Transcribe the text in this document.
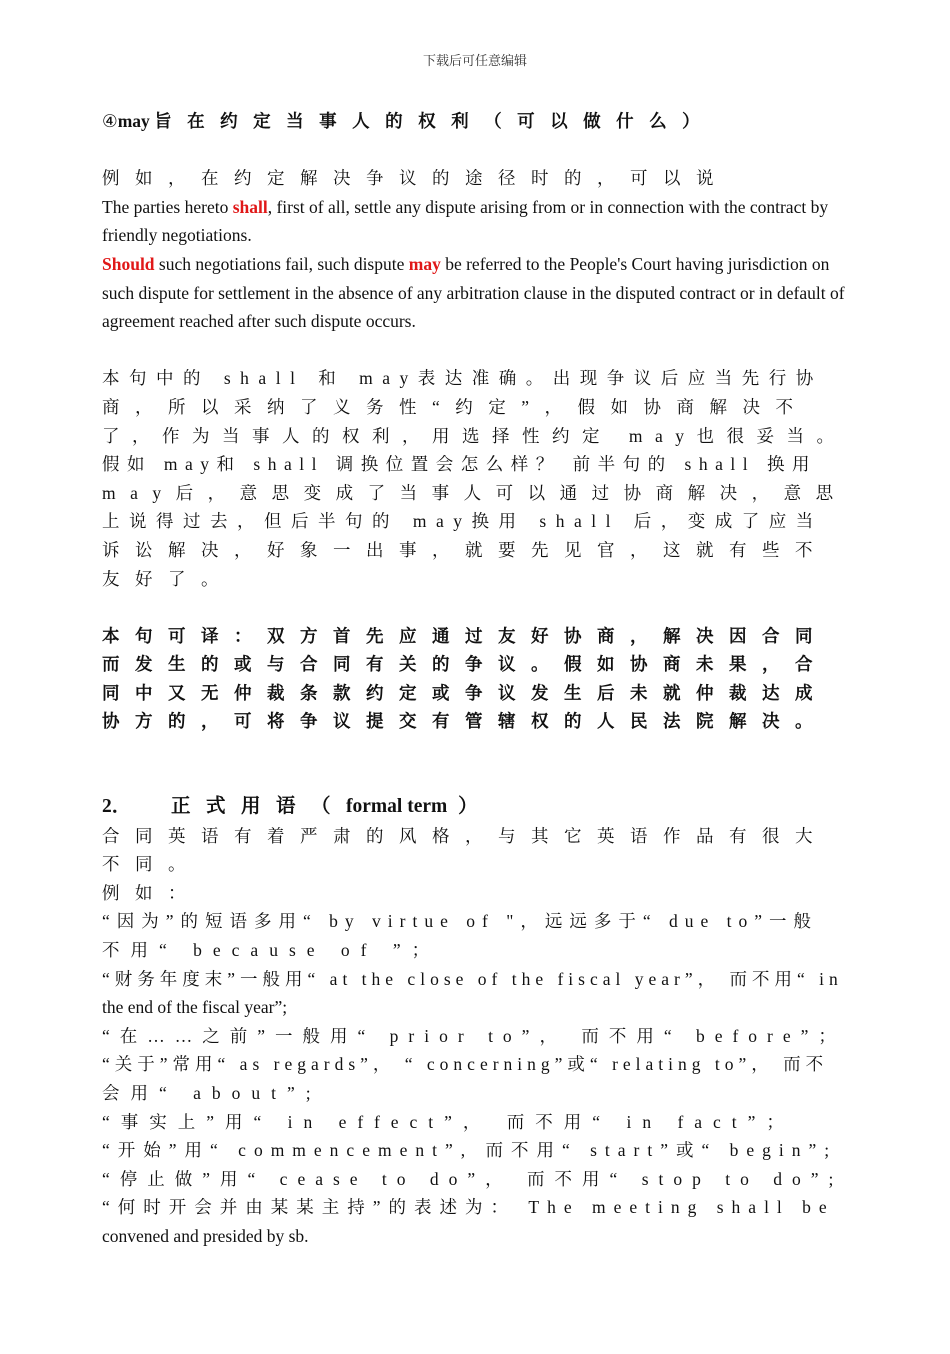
下载后可任意编辑
④may 旨在约定当事人的权利（可以做什么）
例如，在约定解决争议的途径时的，可以说
The parties hereto shall, first of all, settle any dispute arising from or in connection with the contract by friendly negotiations.
Should such negotiations fail, such dispute may be referred to the People's Court having jurisdiction on such dispute for settlement in the absence of any arbitration clause in the disputed contract or in default of agreement reached after such dispute occurs.
本句中的 shall 和 may表达准确。出现争议后应当先行协
商，所以采纳了义务性“约定”，假如协商解决不
了，作为当事人的权利，用选择性约定 may也很妥当。
假如 may和 shall 调换位置会怎么样？ 前半句的 shall 换用
may后，意思变成了当事人可以通过协商解决，意思
上说得过去，但后半句的 may换用 shall 后，变成了应当
诉讼解决，好象一出事，就要先见官，这就有些不
友好了。
本句可译：双方首先应通过友好协商，解决因合同
而发生的或与合同有关的争议。假如协商未果，合
同中又无仲裁条款约定或争议发生后未就仲裁达成
协方的，可将争议提交有管辖权的人民法院解决。
2． 正式用语（formal term ）
合同英语有着严肃的风格，与其它英语作品有很大
不同。
例如：
“因为”的短语多用“ by virtue of "，远远多于“ due to”一般
不用“ because of ”；
“财务年度末”一般用“ at the close of the fiscal year”， 而不用“ in
the end of the fiscal year”;
“在……之前”一般用“ prior to”， 而不用“ before”；
“关于”常用“ as regards”， “ concerning”或“ relating to”， 而不
会用“ about”;
“事实上”用“ in effect”， 而不用“ in fact”；
“开始”用“ commencement”, 而不用“ start”或“ begin”;
“停止做”用“ cease to do”， 而不用“ stop to do”;
“何时开会并由某某主持”的表述为： The meeting shall be
convened and presided by sb.
